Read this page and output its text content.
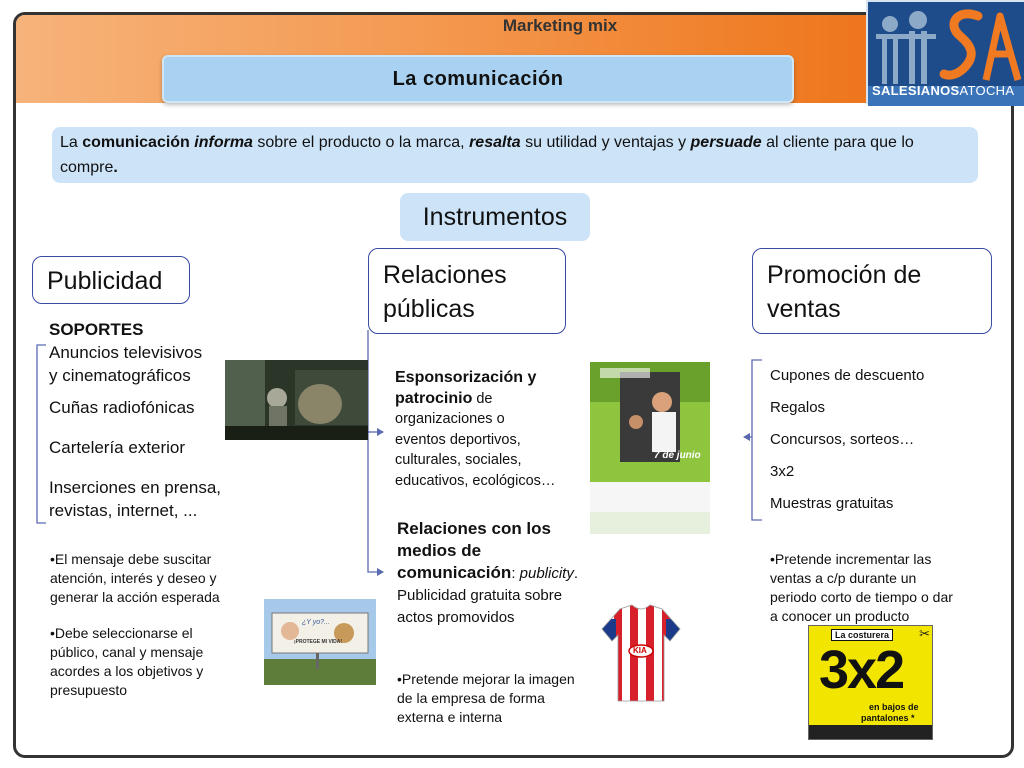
Marketing mix
La comunicación
SALESIANOSATOCHA
La comunicación informa sobre el producto o la marca, resalta su utilidad y ventajas y persuade al cliente para que lo compre.
Instrumentos
Publicidad
SOPORTES
Anuncios televisivos
y cinematográficos
Cuñas radiofónicas
Cartelería exterior
Inserciones en prensa,
revistas, internet, ...
•El mensaje debe suscitar
atención, interés y deseo y
generar la acción esperada
•Debe seleccionarse el
público, canal y mensaje
acordes a los objetivos y
presupuesto
¿Y yo?...
¡PROTEGE MI VIDA!
Relaciones
públicas
Esponsorización y
patrocinio de
organizaciones o
eventos deportivos,
culturales, sociales,
educativos, ecológicos…
7 de junio
Relaciones con los
medios de
comunicación: publicity.
Publicidad gratuita sobre
actos promovidos
KIA
•Pretende mejorar la imagen
de la empresa de forma
externa e interna
Promoción de
ventas
Cupones de descuento
Regalos
Concursos, sorteos…
3x2
Muestras gratuitas
•Pretende incrementar las
ventas a c/p durante un
periodo corto de tiempo o dar
a conocer un producto
✂
La costurera
3x2
en bajos de
pantalones *
